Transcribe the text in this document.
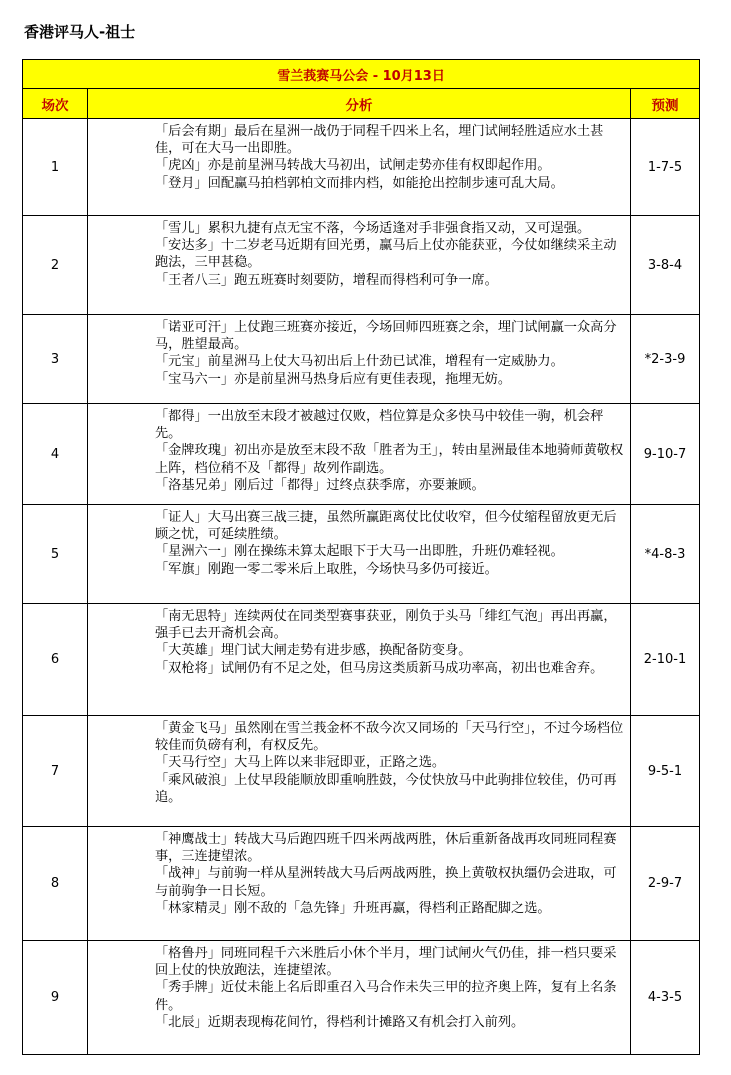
香港评马人-祖士
雪兰莪赛马公会 - 10月13日		
场次	分析	预测
1	「后会有期」最后在星洲一战仍于同程千四米上名，埋门试闸轻胜适应水土甚佳，可在大马一出即胜。

「虎凶」亦是前星洲马转战大马初出，试闸走势亦佳有权即起作用。

「登月」回配赢马拍档郭柏文而排内档，如能抢出控制步速可乱大局。	1-7-5
2	「雪儿」累积九捷有点无宝不落，今场适逢对手非强食指又动，又可逞强。

「安达多」十二岁老马近期有回光勇，赢马后上仗亦能获亚，今仗如继续采主动跑法，三甲甚稳。

「王者八三」跑五班赛时刻要防，增程而得档利可争一席。	3-8-4
3	「诺亚可汗」上仗跑三班赛亦接近，今场回师四班赛之余，埋门试闸赢一众高分马，胜望最高。

「元宝」前星洲马上仗大马初出后上什劲已试准，增程有一定威胁力。

「宝马六一」亦是前星洲马热身后应有更佳表现，拖埋无妨。	*2-3-9
4	「都得」一出放至末段才被越过仅败，档位算是众多快马中较佳一驹，机会秤先。

「金牌玫瑰」初出亦是放至末段不敌「胜者为王」，转由星洲最佳本地骑师黄敬权上阵，档位稍不及「都得」故列作副选。

「洛基兄弟」刚后过「都得」过终点获季席，亦要兼顾。	9-10-7
5	「证人」大马出赛三战三捷，虽然所赢距离仗比仗收窄，但今仗缩程留放更无后顾之忧，可延续胜绩。

「星洲六一」刚在操练未算太起眼下于大马一出即胜，升班仍难轻视。

「军旗」刚跑一零二零米后上取胜，今场快马多仍可接近。	*4-8-3
6	「南无思特」连续两仗在同类型赛事获亚，刚负于头马「绯红气泡」再出再赢，强手已去开斋机会高。

「大英雄」埋门试大闸走势有进步感，换配备防变身。

「双枪将」试闸仍有不足之处，但马房这类质新马成功率高，初出也难舍弃。	2-10-1
7	「黄金飞马」虽然刚在雪兰莪金杯不敌今次又同场的「天马行空」，不过今场档位较佳而负磅有利，有权反先。

「天马行空」大马上阵以来非冠即亚，正路之选。

「乘风破浪」上仗早段能顺放即重响胜鼓，今仗快放马中此驹排位较佳，仍可再追。	9-5-1
8	「神鹰战士」转战大马后跑四班千四米两战两胜，休后重新备战再攻同班同程赛事，三连捷望浓。

「战神」与前驹一样从星洲转战大马后两战两胜，换上黄敬权执缰仍会进取，可与前驹争一日长短。

「林家精灵」刚不敌的「急先锋」升班再赢，得档利正路配脚之选。	2-9-7
9	「格鲁丹」同班同程千六米胜后小休个半月，埋门试闸火气仍佳，排一档只要采回上仗的快放跑法，连捷望浓。

「秀手牌」近仗未能上名后即重召入马合作未失三甲的拉齐奥上阵，复有上名条件。

「北辰」近期表现梅花间竹，得档利计摊路又有机会打入前列。	4-3-5
